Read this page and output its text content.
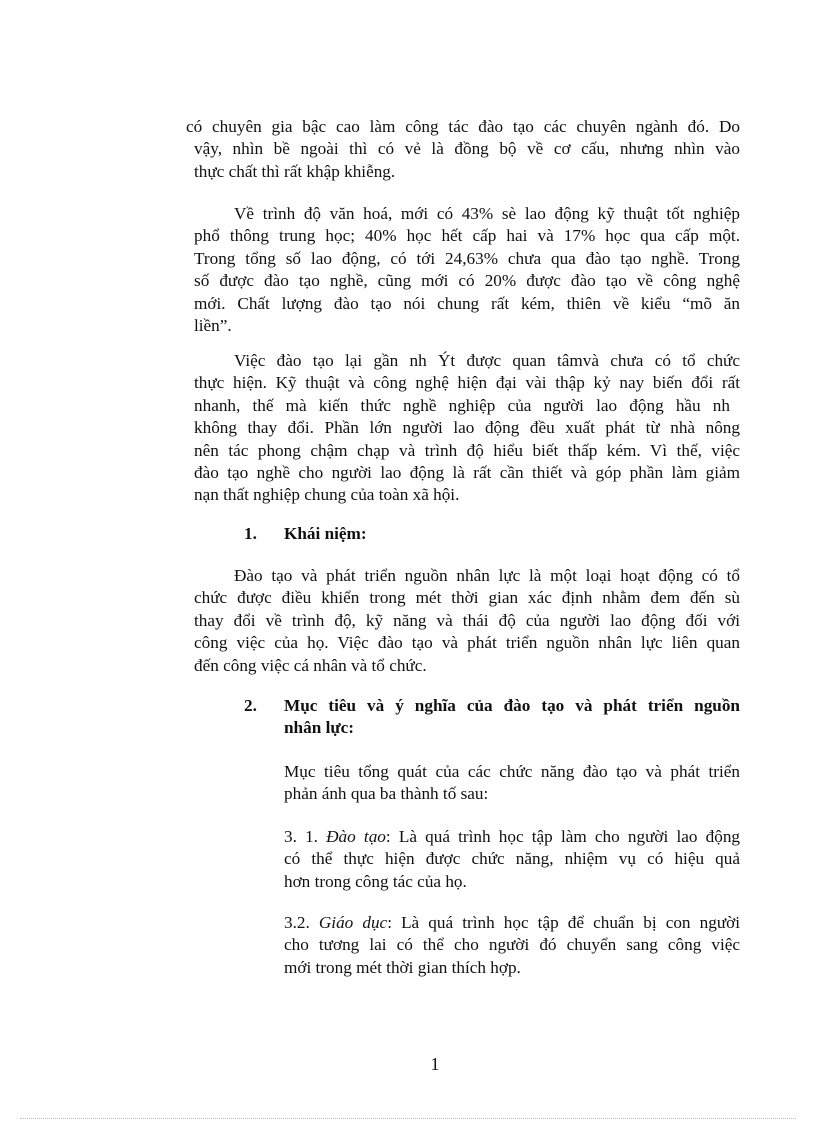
có chuyên gia bậc cao làm công tác đào tạo các chuyên ngành đó. Do
vậy, nhìn bề ngoài thì có vẻ là đồng bộ về cơ cấu, nhưng nhìn vào
thực chất thì rất khập khiễng.
Về trình độ văn hoá, mới có 43% sè lao động kỹ thuật tốt nghiệp
phổ thông trung học; 40% học hết cấp hai và 17% học qua cấp một.
Trong tổng số lao động, có tới 24,63% chưa qua đào tạo nghề. Trong
số được đào tạo nghề, cũng mới có 20% được đào tạo về công nghệ
mới. Chất lượng đào tạo nói chung rất kém, thiên về kiểu “mõ ăn
liền”.
Việc đào tạo lại gần nh Ýt được quan tâmvà chưa có tổ chức
thực hiện. Kỹ thuật và công nghệ hiện đại vài thập kỷ nay biến đổi rất
nhanh, thế mà kiến thức nghề nghiệp của người lao động hầu nh
không thay đổi. Phần lớn người lao động đều xuất phát từ nhà nông
nên tác phong chậm chạp và trình độ hiểu biết thấp kém. Vì thế, việc
đào tạo nghề cho người lao động là rất cần thiết và góp phần làm giảm
nạn thất nghiệp chung của toàn xã hội.
1. Khái niệm:
Đào tạo và phát triển nguồn nhân lực là một loại hoạt động có tổ
chức được điều khiển trong mét thời gian xác định nhằm đem đến sù
thay đổi về trình độ, kỹ năng và thái độ của người lao động đối với
công việc của họ. Việc đào tạo và phát triển nguồn nhân lực liên quan
đến công việc cá nhân và tổ chức.
2. Mục tiêu và ý nghĩa của đào tạo và phát triển nguồn
nhân lực:
Mục tiêu tổng quát của các chức năng đào tạo và phát triển
phản ánh qua ba thành tố sau:
3. 1. Đào tạo: Là quá trình học tập làm cho người lao động
có thể thực hiện được chức năng, nhiệm vụ có hiệu quả
hơn trong công tác của họ.
3.2. Giáo dục: Là quá trình học tập để chuẩn bị con người
cho tương lai có thể cho người đó chuyển sang công việc
mới trong mét thời gian thích hợp.
1
